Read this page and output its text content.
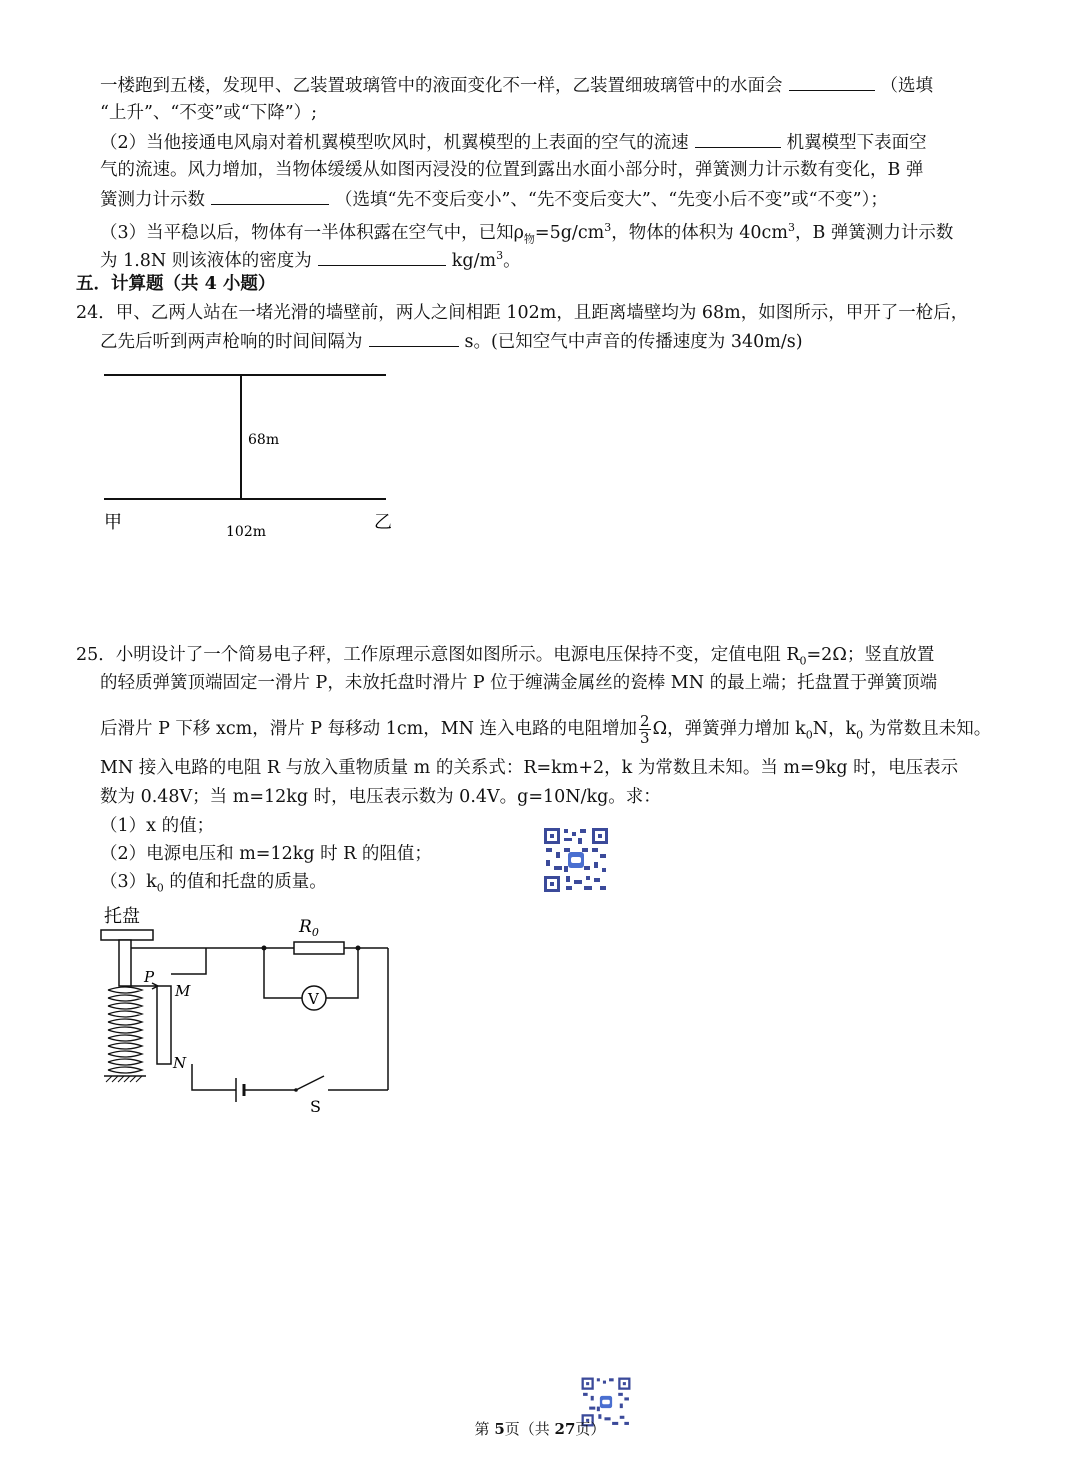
一楼跑到五楼，发现甲、乙装置玻璃管中的液面变化不一样，乙装置细玻璃管中的水面会	（选填
“上升”、“不变”或“下降”）;
（2）当他接通电风扇对着机翼模型吹风时，机翼模型的上表面的空气的流速	机翼模型下表面空
气的流速。风力增加，当物体缓缓从如图丙浸没的位置到露出水面小部分时，弹簧测力计示数有变化，B 弹
簧测力计示数	（选填“先不变后变小”、“先不变后变大”、“先变小后不变”或“不变”）；
（3）当平稳以后，物体有一半体积露在空气中，已知$\rho_物=5g/cm^3$，物体的体积为 $40cm^3$，B 弹簧测力计示数
为 1.8N 则该液体的密度为	$kg/m^3$。
五．计算题（共 4 小题）
24．甲、乙两人站在一堵光滑的墙壁前，两人之间相距 102m，且距离墙壁均为 68m，如图所示，甲开了一枪后，
乙先后听到两声枪响的时间间隔为	s。(已知空气中声音的传播速度为 340m/s)
68m
甲	102m	乙
25．小明设计了一个简易电子秤，工作原理示意图如图所示。电源电压保持不变，定值电阻 $R_0=2\Omega$；竖直放置
的轻质弹簧顶端固定一滑片 P，未放托盘时滑片 P 位于缠满金属丝的瓷棒 MN 的最上端；托盘置于弹簧顶端
后滑片 P 下移 xcm，滑片 P 每移动 1cm，MN 连入电路的电阻增加 $\frac{2}{3}$ Ω，弹簧弹力增加 $k_0N$，$k_0$ 为常数且未知。
MN 接入电路的电阻 R 与放入重物质量 m 的关系式：R=km+2，k 为常数且未知。当 m=9kg 时，电压表示
数为 0.48V；当 m=12kg 时，电压表示数为 0.4V。g=10N/kg。求：
（1）x 的值；
（2）电源电压和 m=12kg 时 R 的阻值；
$(3)k_0$ 的值和托盘的质量。
托盘	$R_0$
V
P
M
N
S
第 5页（共 27页）
